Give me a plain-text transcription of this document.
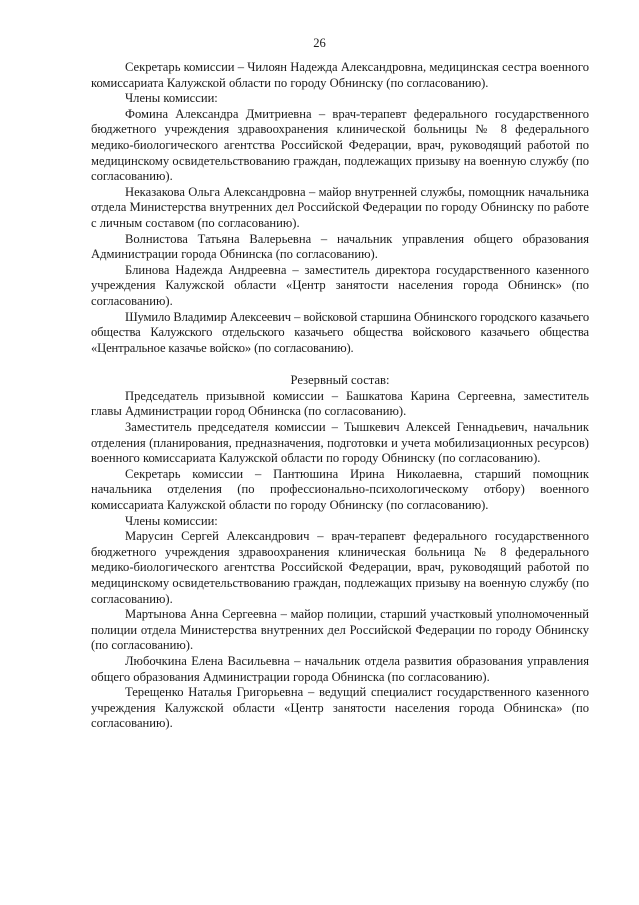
26

Секретарь комиссии – Чилоян Надежда Александровна, медицинская сестра военного комиссариата Калужской области по городу Обнинску (по согласованию).

Члены комиссии:

Фомина Александра Дмитриевна – врач-терапевт федерального государственного бюджетного учреждения здравоохранения клинической больницы № 8 федерального медико-биологического агентства Российской Федерации, врач, руководящий работой по медицинскому освидетельствованию граждан, подлежащих призыву на военную службу (по согласованию).

Неказакова Ольга Александровна – майор внутренней службы, помощник начальника отдела Министерства внутренних дел Российской Федерации по городу Обнинску по работе с личным составом (по согласованию).

Волнистова Татьяна Валерьевна – начальник управления общего образования Администрации города Обнинска (по согласованию).

Блинова Надежда Андреевна – заместитель директора государственного казенного учреждения Калужской области «Центр занятости населения города Обнинск» (по согласованию).

Шумило Владимир Алексеевич – войсковой старшина Обнинского городского казачьего общества Калужского отдельского казачьего общества войскового казачьего общества «Центральное казачье войско» (по согласованию).

Резервный состав:

Председатель призывной комиссии – Башкатова Карина Сергеевна, заместитель главы Администрации город Обнинска (по согласованию).

Заместитель председателя комиссии – Тышкевич Алексей Геннадьевич, начальник отделения (планирования, предназначения, подготовки и учета мобилизационных ресурсов) военного комиссариата Калужской области по городу Обнинску (по согласованию).

Секретарь комиссии – Пантюшина Ирина Николаевна, старший помощник начальника отделения (по профессионально-психологическому отбору) военного комиссариата Калужской области по городу Обнинску (по согласованию).

Члены комиссии:

Марусин Сергей Александрович – врач-терапевт федерального государственного бюджетного учреждения здравоохранения клиническая больница № 8 федерального медико-биологического агентства Российской Федерации, врач, руководящий работой по медицинскому освидетельствованию граждан, подлежащих призыву на военную службу (по согласованию).

Мартынова Анна Сергеевна – майор полиции, старший участковый уполномоченный полиции отдела Министерства внутренних дел Российской Федерации по городу Обнинску (по согласованию).

Любочкина Елена Васильевна – начальник отдела развития образования управления общего образования Администрации города Обнинска (по согласованию).

Терещенко Наталья Григорьевна – ведущий специалист государственного казенного учреждения Калужской области «Центр занятости населения города Обнинска» (по согласованию).
